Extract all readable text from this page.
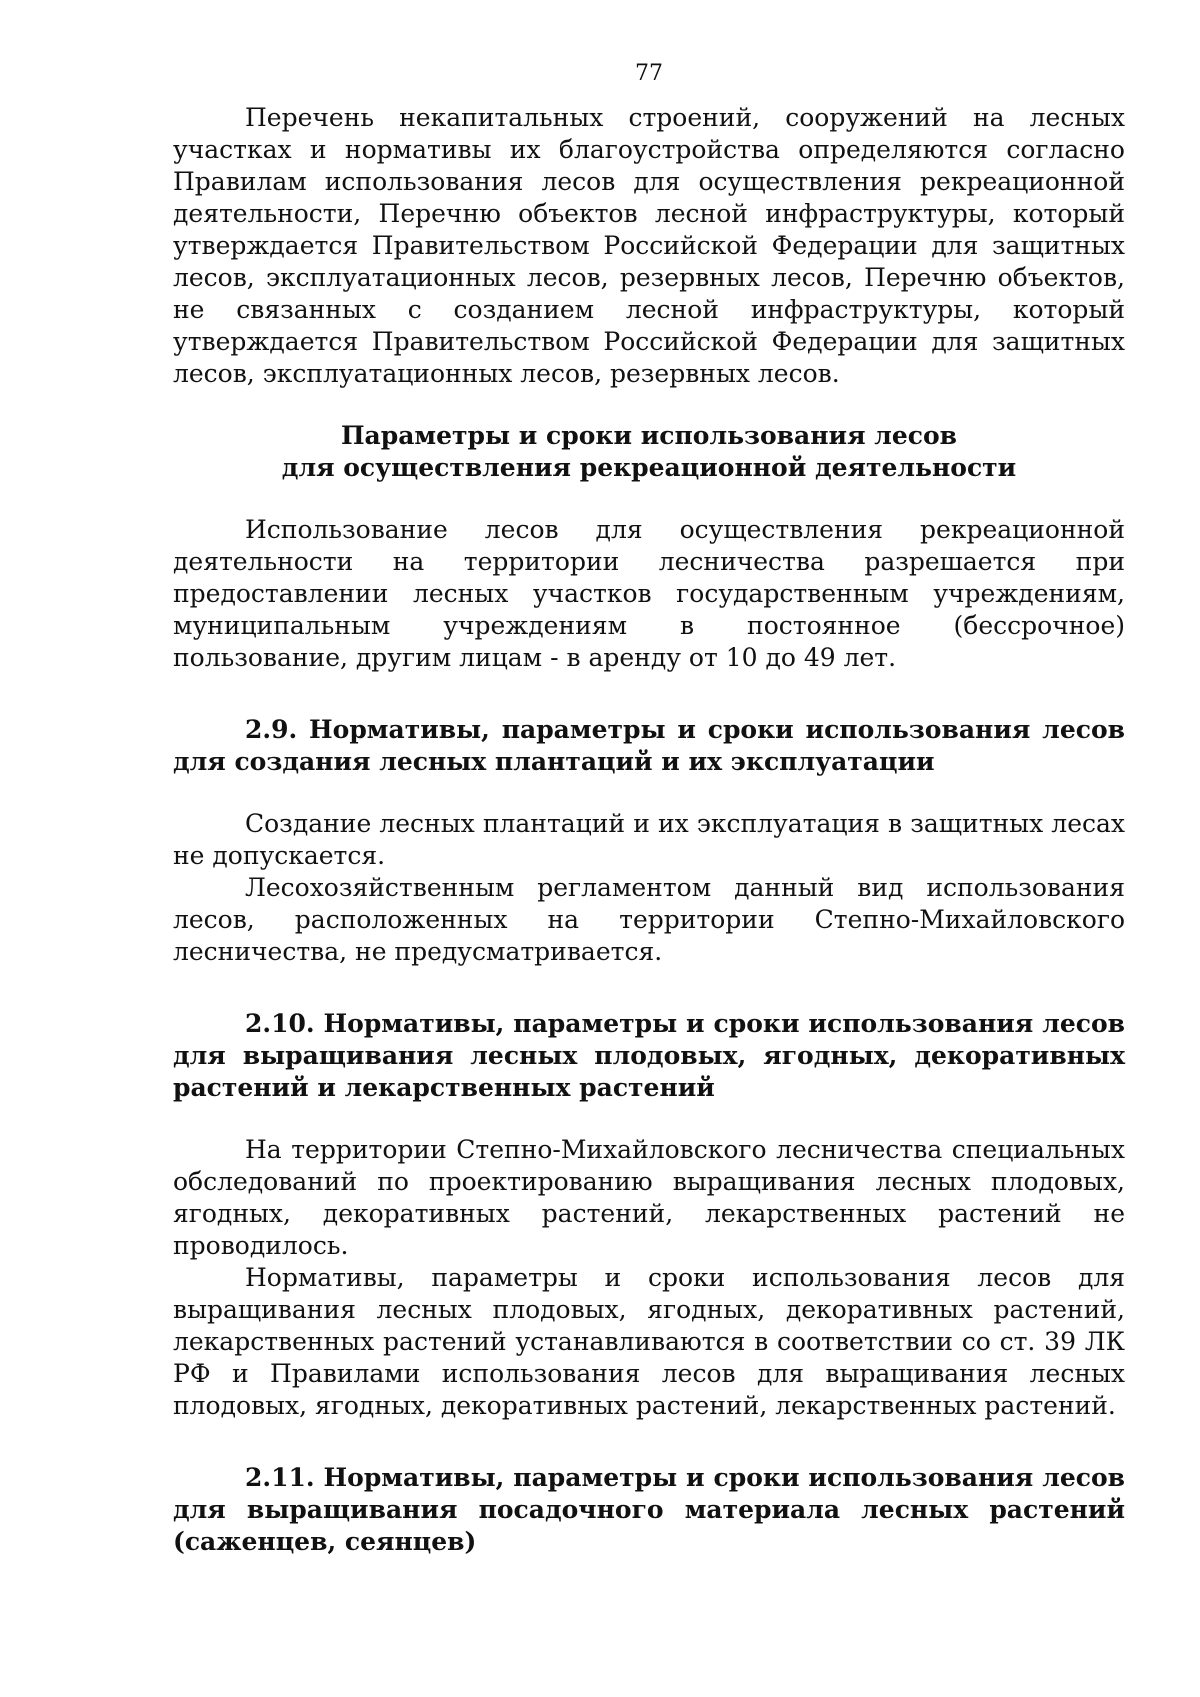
77

Перечень некапитальных строений, сооружений на лесных участках и нормативы их благоустройства определяются согласно Правилам использования лесов для осуществления рекреационной деятельности, Перечню объектов лесной инфраструктуры, который утверждается Правительством Российской Федерации для защитных лесов, эксплуатационных лесов, резервных лесов, Перечню объектов, не связанных с созданием лесной инфраструктуры, который утверждается Правительством Российской Федерации для защитных лесов, эксплуатационных лесов, резервных лесов.

Параметры и сроки использования лесов
для осуществления рекреационной деятельности

Использование лесов для осуществления рекреационной деятельности на территории лесничества разрешается при предоставлении лесных участков государственным учреждениям, муниципальным учреждениям в постоянное (бессрочное) пользование, другим лицам - в аренду от 10 до 49 лет.

2.9. Нормативы, параметры и сроки использования лесов для создания лесных плантаций и их эксплуатации

Создание лесных плантаций и их эксплуатация в защитных лесах не допускается.

Лесохозяйственным регламентом данный вид использования лесов, расположенных на территории Степно-Михайловского лесничества, не предусматривается.

2.10. Нормативы, параметры и сроки использования лесов для выращивания лесных плодовых, ягодных, декоративных растений и лекарственных растений

На территории Степно-Михайловского лесничества специальных обследований по проектированию выращивания лесных плодовых, ягодных, декоративных растений, лекарственных растений не проводилось.

Нормативы, параметры и сроки использования лесов для выращивания лесных плодовых, ягодных, декоративных растений, лекарственных растений устанавливаются в соответствии со ст. 39 ЛК РФ и Правилами использования лесов для выращивания лесных плодовых, ягодных, декоративных растений, лекарственных растений.

2.11. Нормативы, параметры и сроки использования лесов для выращивания посадочного материала лесных растений (саженцев, сеянцев)
